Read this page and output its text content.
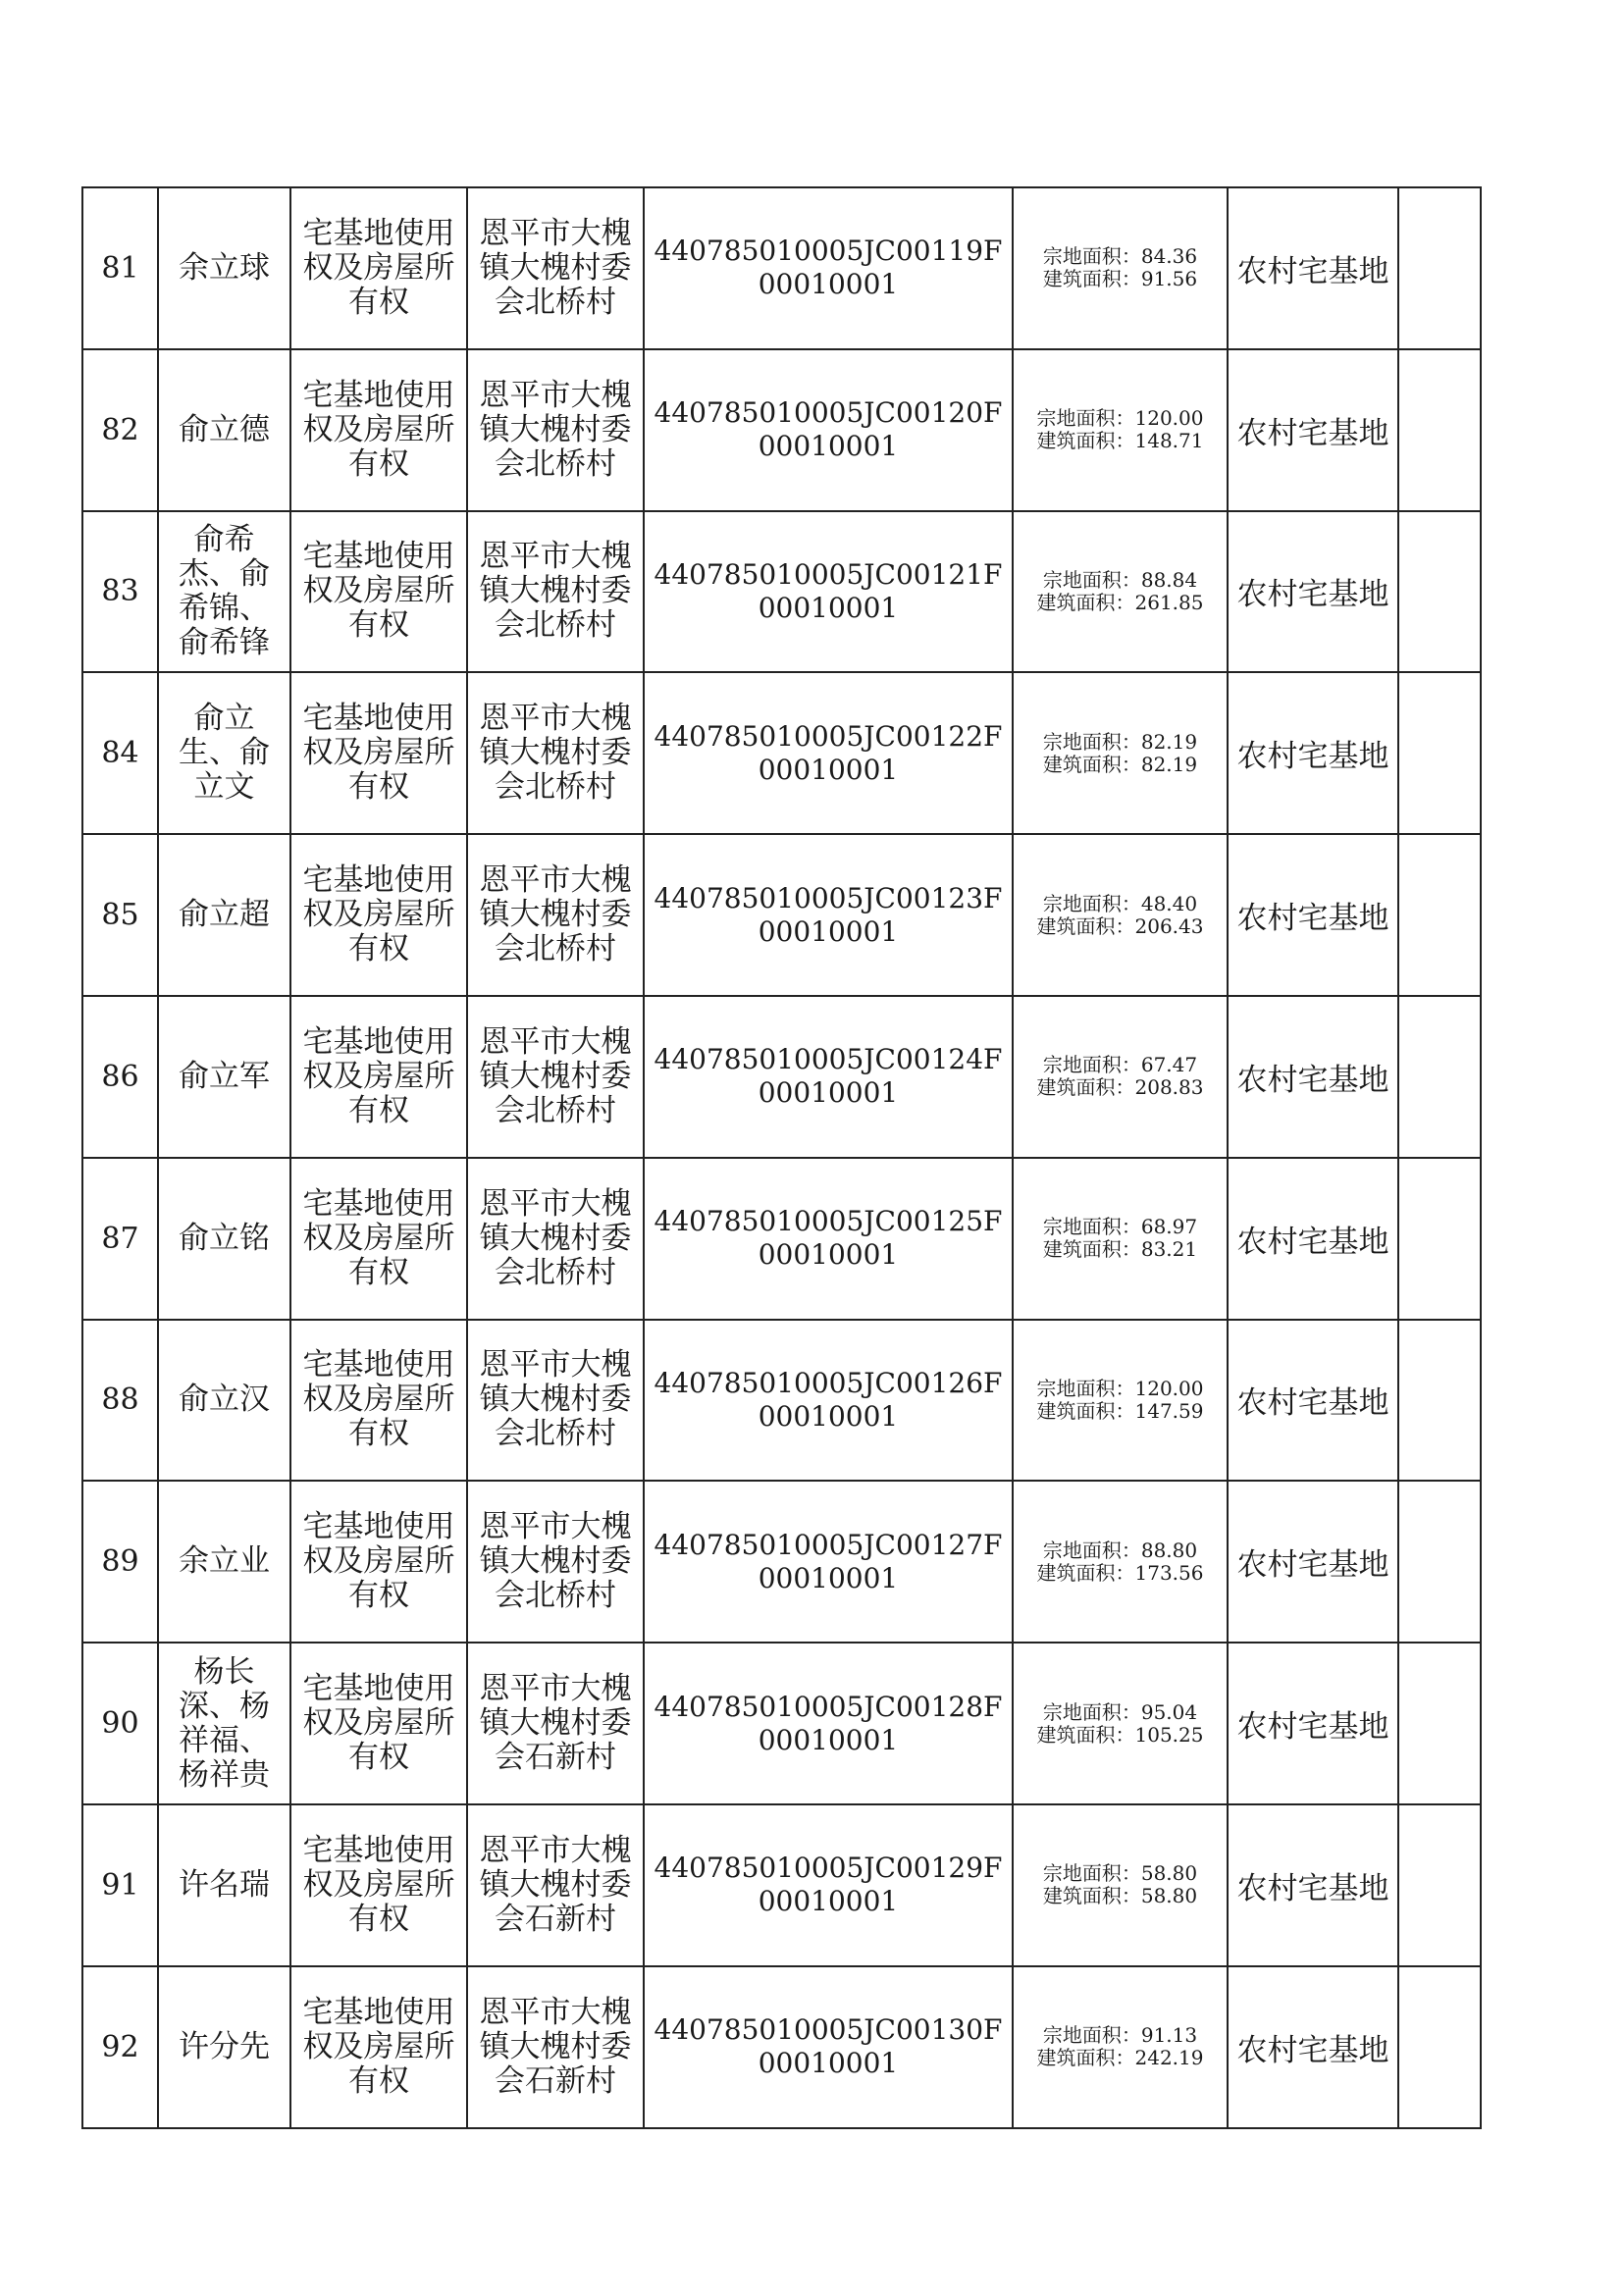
81	余立球	宅基地使用权及房屋所有权	恩平市大槐镇大槐村委会北桥村	440785010005JC00119F00010001	宗地面积：84.36
建筑面积：91.56	农村宅基地	
82	俞立德	宅基地使用权及房屋所有权	恩平市大槐镇大槐村委会北桥村	440785010005JC00120F00010001	宗地面积：120.00
建筑面积：148.71	农村宅基地	
83	俞希杰、俞希锦、俞希锋	宅基地使用权及房屋所有权	恩平市大槐镇大槐村委会北桥村	440785010005JC00121F00010001	宗地面积：88.84
建筑面积：261.85	农村宅基地	
84	俞立生、俞立文	宅基地使用权及房屋所有权	恩平市大槐镇大槐村委会北桥村	440785010005JC00122F00010001	宗地面积：82.19
建筑面积：82.19	农村宅基地	
85	俞立超	宅基地使用权及房屋所有权	恩平市大槐镇大槐村委会北桥村	440785010005JC00123F00010001	宗地面积：48.40
建筑面积：206.43	农村宅基地	
86	俞立军	宅基地使用权及房屋所有权	恩平市大槐镇大槐村委会北桥村	440785010005JC00124F00010001	宗地面积：67.47
建筑面积：208.83	农村宅基地	
87	俞立铭	宅基地使用权及房屋所有权	恩平市大槐镇大槐村委会北桥村	440785010005JC00125F00010001	宗地面积：68.97
建筑面积：83.21	农村宅基地	
88	俞立汉	宅基地使用权及房屋所有权	恩平市大槐镇大槐村委会北桥村	440785010005JC00126F00010001	宗地面积：120.00
建筑面积：147.59	农村宅基地	
89	余立业	宅基地使用权及房屋所有权	恩平市大槐镇大槐村委会北桥村	440785010005JC00127F00010001	宗地面积：88.80
建筑面积：173.56	农村宅基地	
90	杨长深、杨祥福、杨祥贵	宅基地使用权及房屋所有权	恩平市大槐镇大槐村委会石新村	440785010005JC00128F00010001	宗地面积：95.04
建筑面积：105.25	农村宅基地	
91	许名瑞	宅基地使用权及房屋所有权	恩平市大槐镇大槐村委会石新村	440785010005JC00129F00010001	宗地面积：58.80
建筑面积：58.80	农村宅基地	
92	许分先	宅基地使用权及房屋所有权	恩平市大槐镇大槐村委会石新村	440785010005JC00130F00010001	宗地面积：91.13
建筑面积：242.19	农村宅基地	
